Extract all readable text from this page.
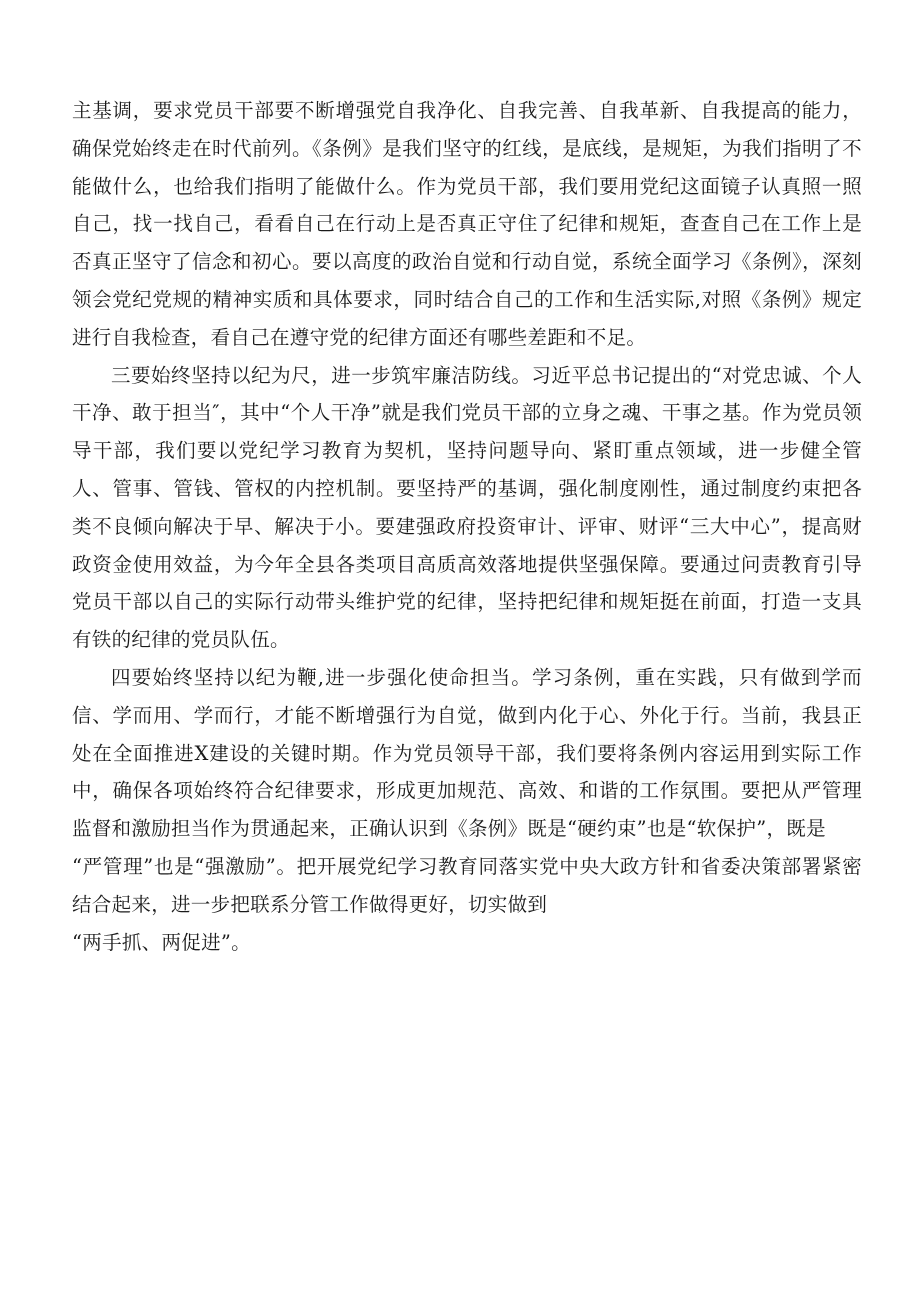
主基调，要求党员干部要不断增强党自我净化、自我完善、自我革新、自我提高的能力，确保党始终走在时代前列。《条例》是我们坚守的红线，是底线，是规矩，为我们指明了不能做什么，也给我们指明了能做什么。作为党员干部，我们要用党纪这面镜子认真照一照自己，找一找自己，看看自己在行动上是否真正守住了纪律和规矩，查查自己在工作上是否真正坚守了信念和初心。要以高度的政治自觉和行动自觉，系统全面学习《条例》，深刻领会党纪党规的精神实质和具体要求，同时结合自己的工作和生活实际,对照《条例》规定进行自我检查，看自己在遵守党的纪律方面还有哪些差距和不足。

三要始终坚持以纪为尺，进一步筑牢廉洁防线。习近平总书记提出的“对党忠诚、个人干净、敢于担当″，其中“个人干净”就是我们党员干部的立身之魂、干事之基。作为党员领导干部，我们要以党纪学习教育为契机，坚持问题导向、紧盯重点领域，进一步健全管人、管事、管钱、管权的内控机制。要坚持严的基调，强化制度刚性，通过制度约束把各类不良倾向解决于早、解决于小。要建强政府投资审计、评审、财评“三大中心”，提高财政资金使用效益，为今年全县各类项目高质高效落地提供坚强保障。要通过问责教育引导党员干部以自己的实际行动带头维护党的纪律，坚持把纪律和规矩挺在前面，打造一支具有铁的纪律的党员队伍。

四要始终坚持以纪为鞭,进一步强化使命担当。学习条例，重在实践，只有做到学而信、学而用、学而行，才能不断增强行为自觉，做到内化于心、外化于行。当前，我县正处在全面推进X建设的关键时期。作为党员领导干部，我们要将条例内容运用到实际工作中，确保各项始终符合纪律要求，形成更加规范、高效、和谐的工作氛围。要把从严管理监督和激励担当作为贯通起来，正确认识到《条例》既是“硬约束”也是“软保护”，既是

“严管理”也是“强激励”。把开展党纪学习教育同落实党中央大政方针和省委决策部署紧密结合起来，进一步把联系分管工作做得更好，切实做到

“两手抓、两促进”。
